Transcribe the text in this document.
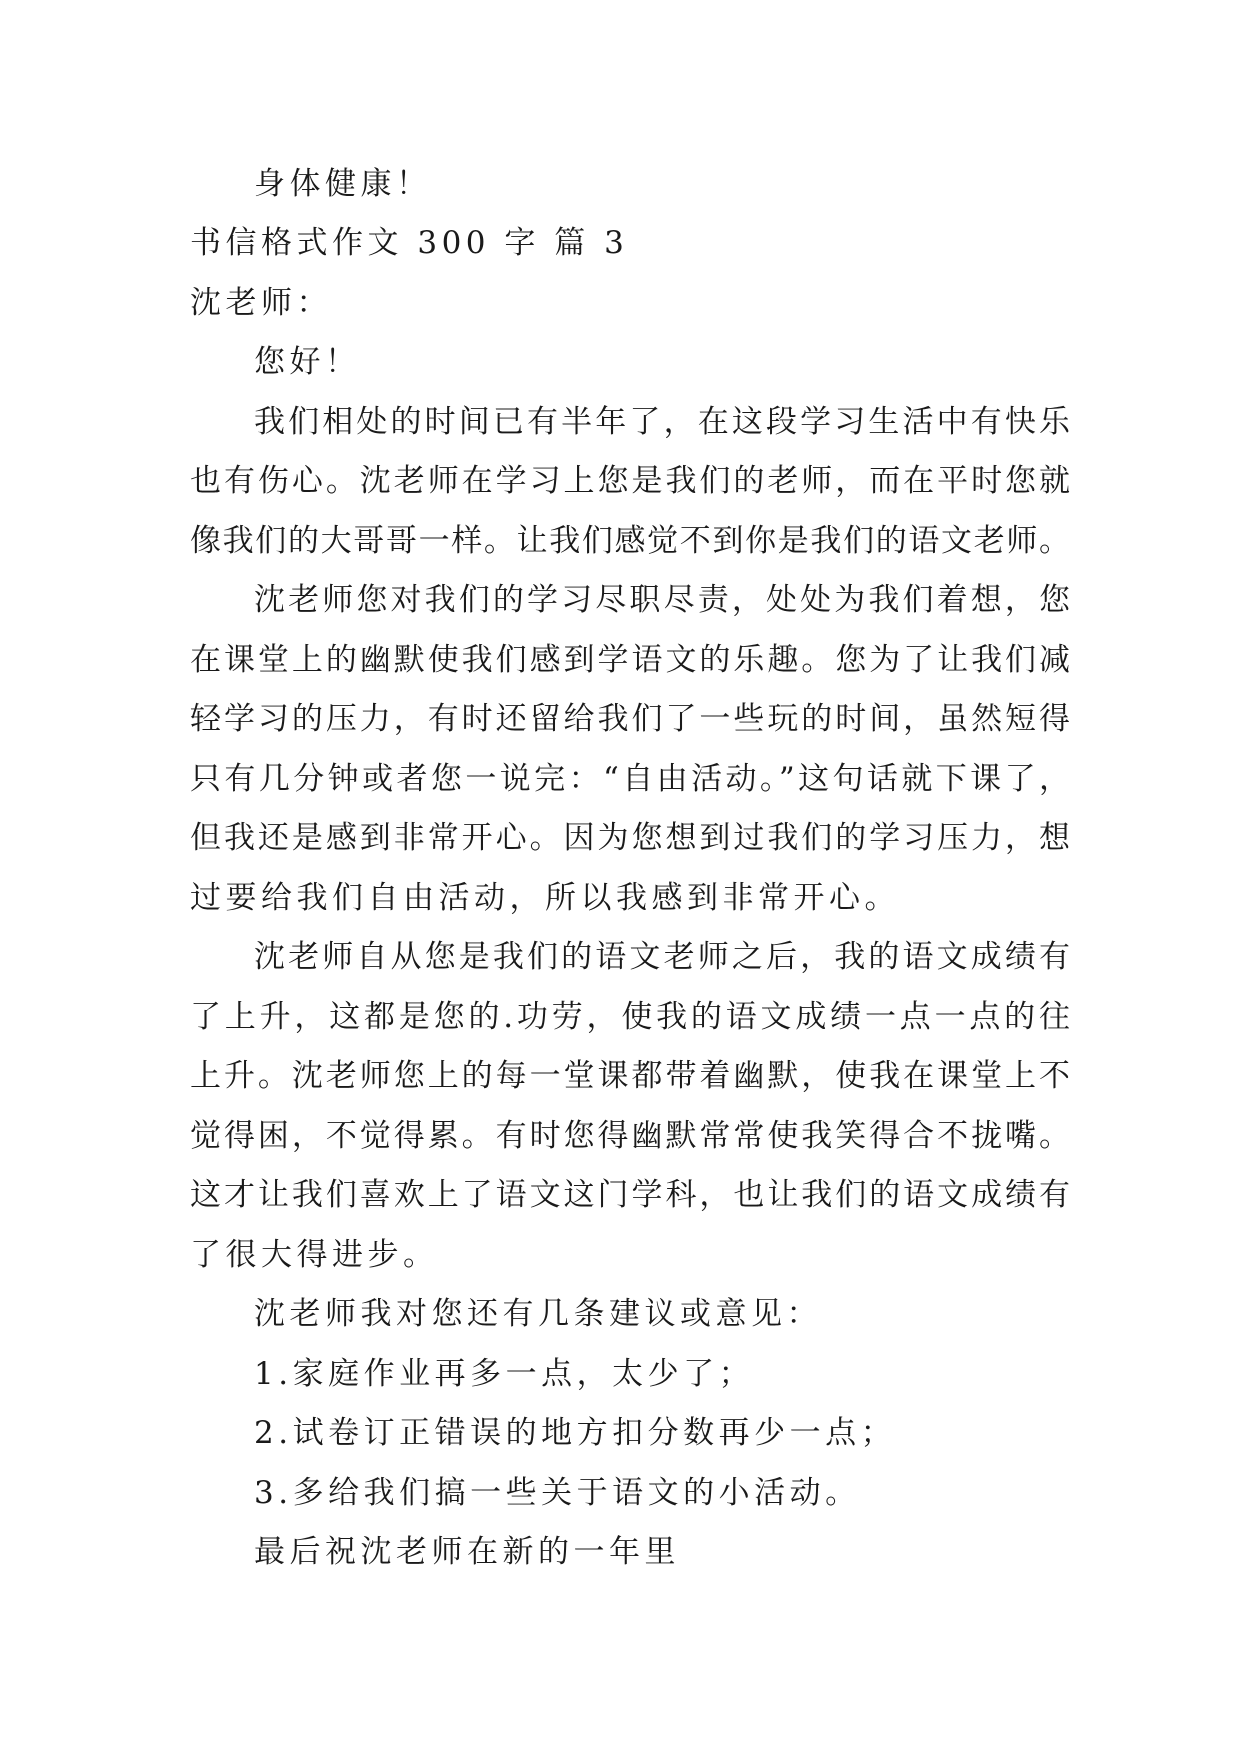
身体健康！
书信格式作文 300 字 篇 3
沈老师：
您好！
我们相处的时间已有半年了，在这段学习生活中有快乐
也有伤心。沈老师在学习上您是我们的老师，而在平时您就
像我们的大哥哥一样。让我们感觉不到你是我们的语文老师。
沈老师您对我们的学习尽职尽责，处处为我们着想，您
在课堂上的幽默使我们感到学语文的乐趣。您为了让我们减
轻学习的压力，有时还留给我们了一些玩的时间，虽然短得
只有几分钟或者您一说完：“自由活动。”这句话就下课了，
但我还是感到非常开心。因为您想到过我们的学习压力，想
过要给我们自由活动，所以我感到非常开心。
沈老师自从您是我们的语文老师之后，我的语文成绩有
了上升，这都是您的.功劳，使我的语文成绩一点一点的往
上升。沈老师您上的每一堂课都带着幽默，使我在课堂上不
觉得困，不觉得累。有时您得幽默常常使我笑得合不拢嘴。
这才让我们喜欢上了语文这门学科，也让我们的语文成绩有
了很大得进步。
沈老师我对您还有几条建议或意见：
1.家庭作业再多一点，太少了；
2.试卷订正错误的地方扣分数再少一点；
3.多给我们搞一些关于语文的小活动。
最后祝沈老师在新的一年里
